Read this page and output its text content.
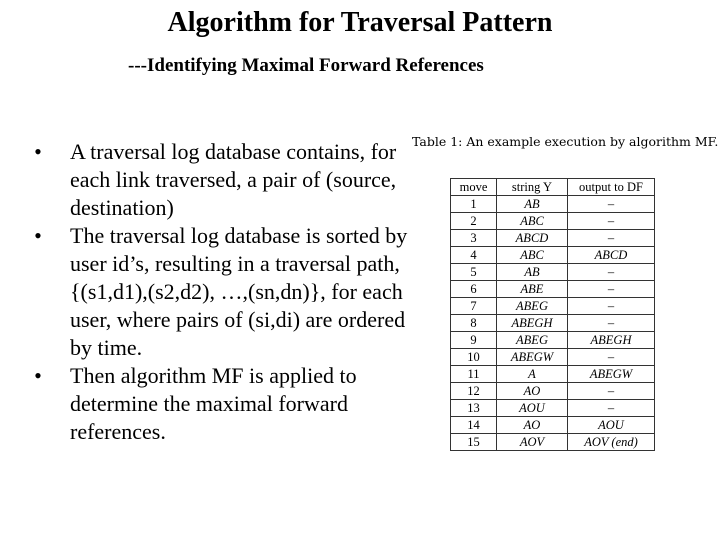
Algorithm for Traversal Pattern
---Identifying Maximal Forward References
• A traversal log database contains, for each link traversed, a pair of (source, destination)
• The traversal log database is sorted by user id’s, resulting in a traversal path, {(s1,d1),(s2,d2), …,(sn,dn)}, for each user, where pairs of (si,di) are ordered by time.
• Then algorithm MF is applied to determine the maximal forward references.
Table 1: An example execution by algorithm MF.
move	string Y	output to DF
1	AB	–
2	ABC	–
3	ABCD	–
4	ABC	ABCD
5	AB	–
6	ABE	–
7	ABEG	–
8	ABEGH	–
9	ABEG	ABEGH
10	ABEGW	–
11	A	ABEGW
12	AO	–
13	AOU	–
14	AO	AOU
15	AOV	AOV (end)
